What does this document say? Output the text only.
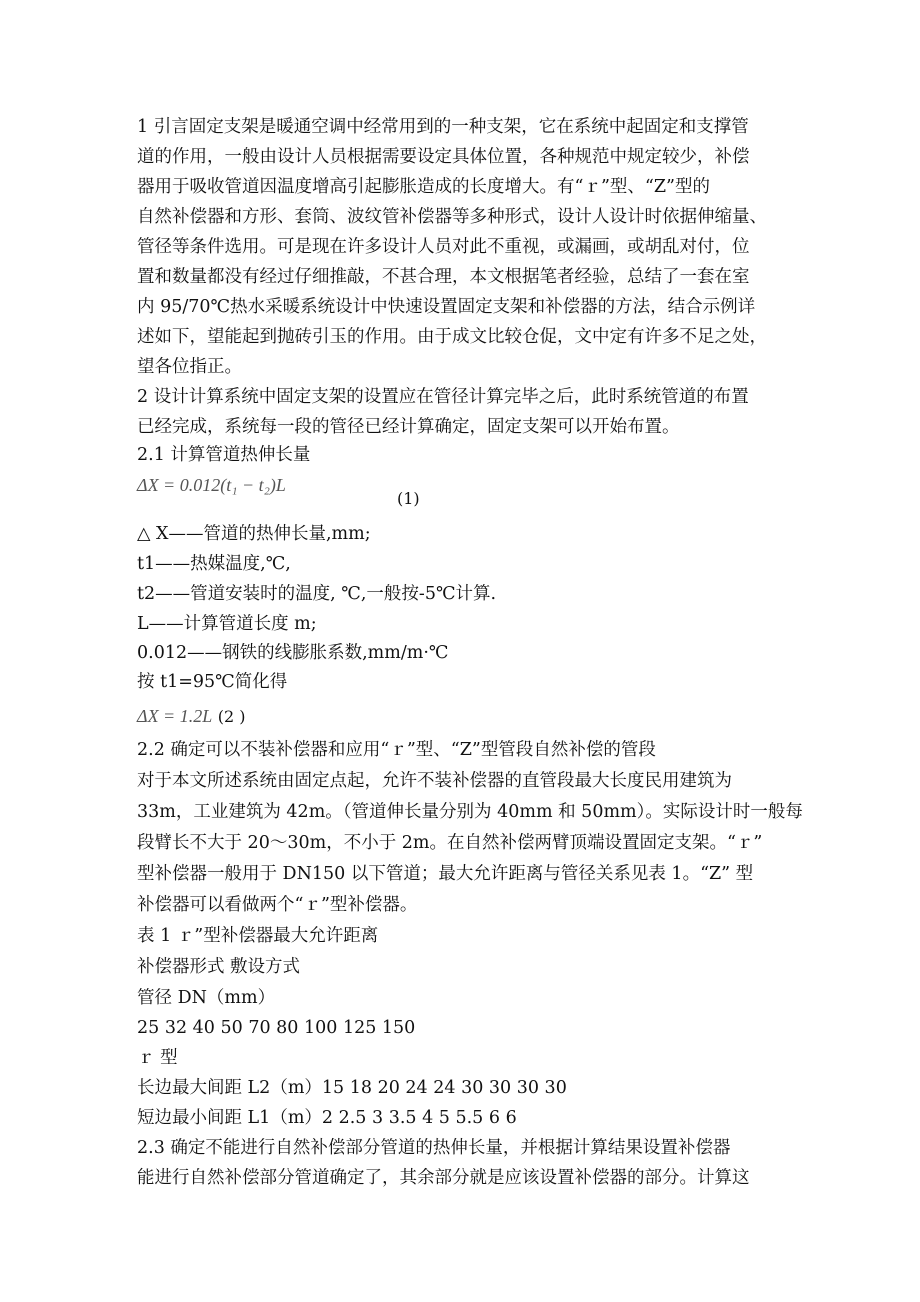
1 引言固定支架是暖通空调中经常用到的一种支架，它在系统中起固定和支撑管
道的作用，一般由设计人员根据需要设定具体位置，各种规范中规定较少，补偿
器用于吸收管道因温度增高引起膨胀造成的长度增大。有“ｒ”型、“Z”型的
自然补偿器和方形、套筒、波纹管补偿器等多种形式，设计人设计时依据伸缩量、
管径等条件选用。可是现在许多设计人员对此不重视，或漏画，或胡乱对付，位
置和数量都没有经过仔细推敲，不甚合理，本文根据笔者经验，总结了一套在室
内 95/70℃热水采暖系统设计中快速设置固定支架和补偿器的方法，结合示例详
述如下，望能起到抛砖引玉的作用。由于成文比较仓促，文中定有许多不足之处，
望各位指正。
2 设计计算系统中固定支架的设置应在管径计算完毕之后，此时系统管道的布置
已经完成，系统每一段的管径已经计算确定，固定支架可以开始布置。
2.1 计算管道热伸长量
ΔX = 0.012(t₁ − t₂)L
(1)
△ X——管道的热伸长量,mm;
t1——热媒温度,℃,
t2——管道安装时的温度, ℃,一般按-5℃计算.
L——计算管道长度 m;
0.012——钢铁的线膨胀系数,mm/m·℃
按 t1=95℃简化得
ΔX = 1.2L (2 )
2.2 确定可以不装补偿器和应用“ｒ”型、“Z”型管段自然补偿的管段
对于本文所述系统由固定点起，允许不装补偿器的直管段最大长度民用建筑为
33m，工业建筑为 42m。（管道伸长量分别为 40mm 和 50mm）。实际设计时一般每
段臂长不大于 20～30m，不小于 2m。在自然补偿两臂顶端设置固定支架。“ｒ”
型补偿器一般用于 DN150 以下管道；最大允许距离与管径关系见表 1。“Z” 型
补偿器可以看做两个“ｒ”型补偿器。
表 1 ｒ”型补偿器最大允许距离
补偿器形式 敷设方式
管径 DN（mm）
25 32 40 50 70 80 100 125 150
ｒ 型
长边最大间距 L2（m）15 18 20 24 24 30 30 30 30
短边最小间距 L1（m）2 2.5 3 3.5 4 5 5.5 6 6
2.3 确定不能进行自然补偿部分管道的热伸长量，并根据计算结果设置补偿器
能进行自然补偿部分管道确定了，其余部分就是应该设置补偿器的部分。计算这
